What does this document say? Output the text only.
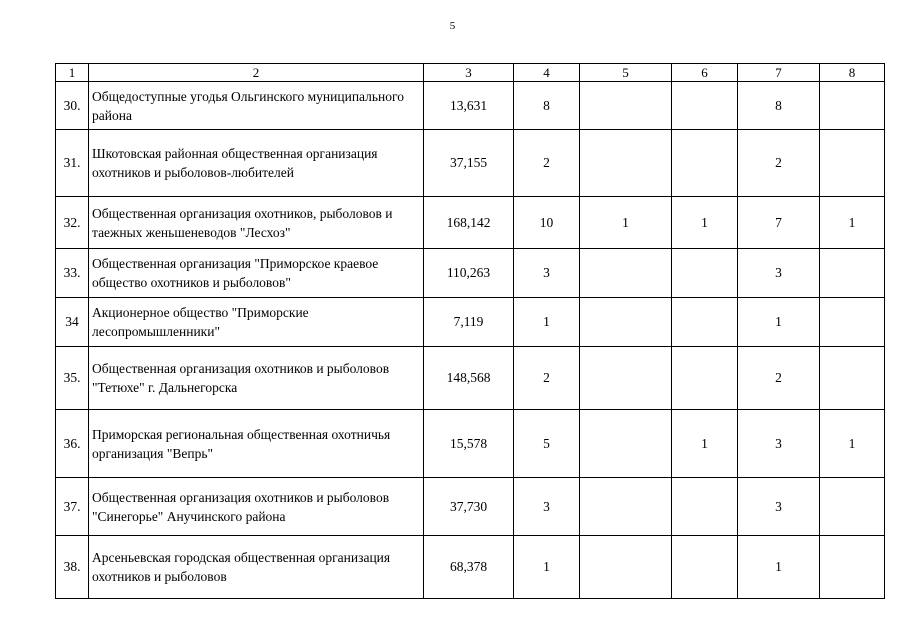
5
1	2	3	4	5	6	7	8
30.	Общедоступные угодья Ольгинского муниципального района	13,631	8			8	
31.	Шкотовская районная общественная организация охотников и рыболовов-любителей	37,155	2			2	
32.	Общественная организация охотников, рыболовов и таежных женьшеневодов "Лесхоз"	168,142	10	1	1	7	1
33.	Общественная организация "Приморское краевое общество охотников и рыболовов"	110,263	3			3	
34	Акционерное общество "Приморские лесопромышленники"	7,119	1			1	
35.	Общественная организация охотников и рыболовов "Тетюхе" г. Дальнегорска	148,568	2			2	
36.	Приморская региональная общественная охотничья организация "Вепрь"	15,578	5		1	3	1
37.	Общественная организация охотников и рыболовов "Синегорье" Анучинского района	37,730	3			3	
38.	Арсеньевская городская общественная организация охотников и рыболовов	68,378	1			1	
